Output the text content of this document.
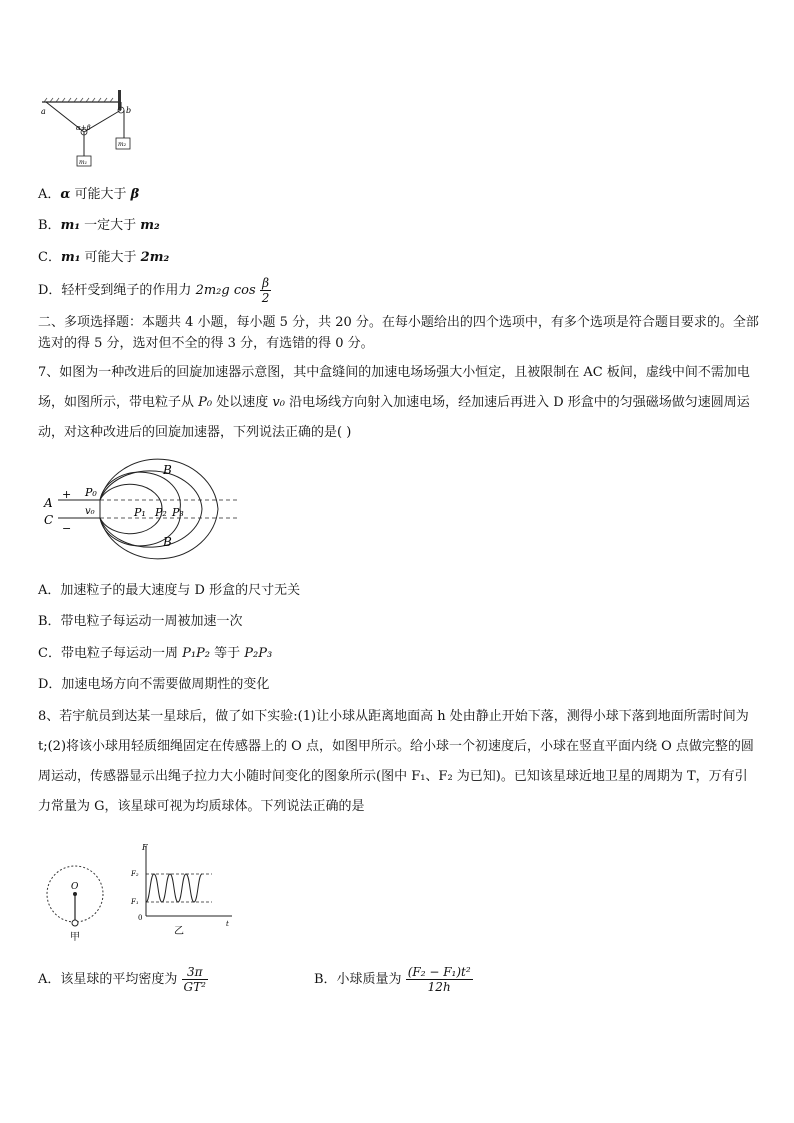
a	b
α+β
m₁
m₂
A．α 可能大于 β
B．m₁ 一定大于 m₂
C．m₁ 可能大于 2m₂
D．轻杆受到绳子的作用力 2m₂g $\cos \frac{\beta}{2}$
二、多项选择题：本题共 4 小题，每小题 5 分，共 20 分。在每小题给出的四个选项中，有多个选项是符合题目要求的。全部选对的得 5 分，选对但不全的得 3 分，有选错的得 0 分。
7、如图为一种改进后的回旋加速器示意图，其中盒缝间的加速电场场强大小恒定，且被限制在 AC 板间，虚线中间不需加电场，如图所示，带电粒子从 P₀ 处以速度 v₀ 沿电场线方向射入加速电场，经加速后再进入 D 形盒中的匀强磁场做匀速圆周运动，对这种改进后的回旋加速器，下列说法正确的是( )
A
C
+
−
P₀
v₀	P₁ P₂ P₃
B
B
A．加速粒子的最大速度与 D 形盒的尺寸无关
B．带电粒子每运动一周被加速一次
C．带电粒子每运动一周 P₁P₂ 等于 P₂P₃
D．加速电场方向不需要做周期性的变化
8、若宇航员到达某一星球后，做了如下实验:(1)让小球从距离地面高 h 处由静止开始下落，测得小球下落到地面所需时间为 t;(2)将该小球用轻质细绳固定在传感器上的 O 点，如图甲所示。给小球一个初速度后，小球在竖直平面内绕 O 点做完整的圆周运动，传感器显示出绳子拉力大小随时间变化的图象所示(图中 F₁、F₂ 为已知)。已知该星球近地卫星的周期为 T，万有引力常量为 G，该星球可视为均质球体。下列说法正确的是
O
甲
F
F₂
F₁
0
t
乙
A．该星球的平均密度为 $\frac{3\pi}{\text{GT²}}$	B．小球质量为 $\frac{\text{(F₂ − F₁)t²}}{12h}$
